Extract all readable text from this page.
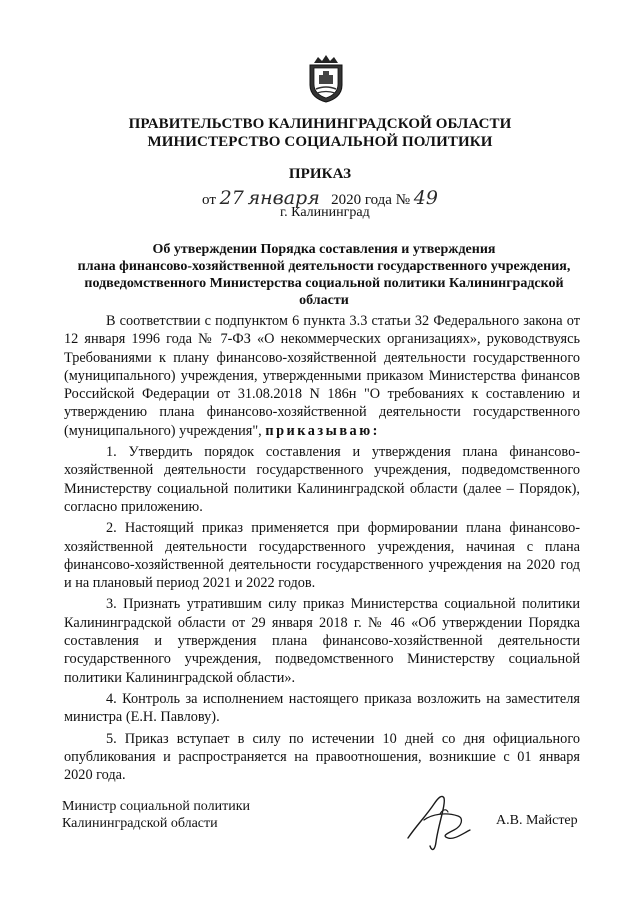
ПРАВИТЕЛЬСТВО КАЛИНИНГРАДСКОЙ ОБЛАСТИ
МИНИСТЕРСТВО СОЦИАЛЬНОЙ ПОЛИТИКИ
ПРИКАЗ
от 27 января 2020 года № 49
г. Калининград
Об утверждении Порядка составления и утверждения
плана финансово-хозяйственной деятельности государственного учреждения,
подведомственного Министерства социальной политики Калининградской
области

В соответствии с подпунктом 6 пункта 3.3 статьи 32 Федерального закона от 12 января 1996 года № 7-ФЗ «О некоммерческих организациях», руководствуясь Требованиями к плану финансово-хозяйственной деятельности государственного (муниципального) учреждения, утвержденными приказом Министерства финансов Российской Федерации от 31.08.2018 N 186н "О требованиях к составлению и утверждению плана финансово-хозяйственной деятельности государственного (муниципального) учреждения", приказываю:

1. Утвердить порядок составления и утверждения плана финансово-хозяйственной деятельности государственного учреждения, подведомственного Министерству социальной политики Калининградской области (далее – Порядок), согласно приложению.

2. Настоящий приказ применяется при формировании плана финансово-хозяйственной деятельности государственного учреждения, начиная с плана финансово-хозяйственной деятельности государственного учреждения на 2020 год и на плановый период 2021 и 2022 годов.

3. Признать утратившим силу приказ Министерства социальной политики Калининградской области от 29 января 2018 г. № 46 «Об утверждении Порядка составления и утверждения плана финансово-хозяйственной деятельности государственного учреждения, подведомственного Министерству социальной политики Калининградской области».

4. Контроль за исполнением настоящего приказа возложить на заместителя министра (Е.Н. Павлову).

5. Приказ вступает в силу по истечении 10 дней со дня официального опубликования и распространяется на правоотношения, возникшие с 01 января 2020 года.

Министр социальной политики
Калининградской области	А.В. Майстер
